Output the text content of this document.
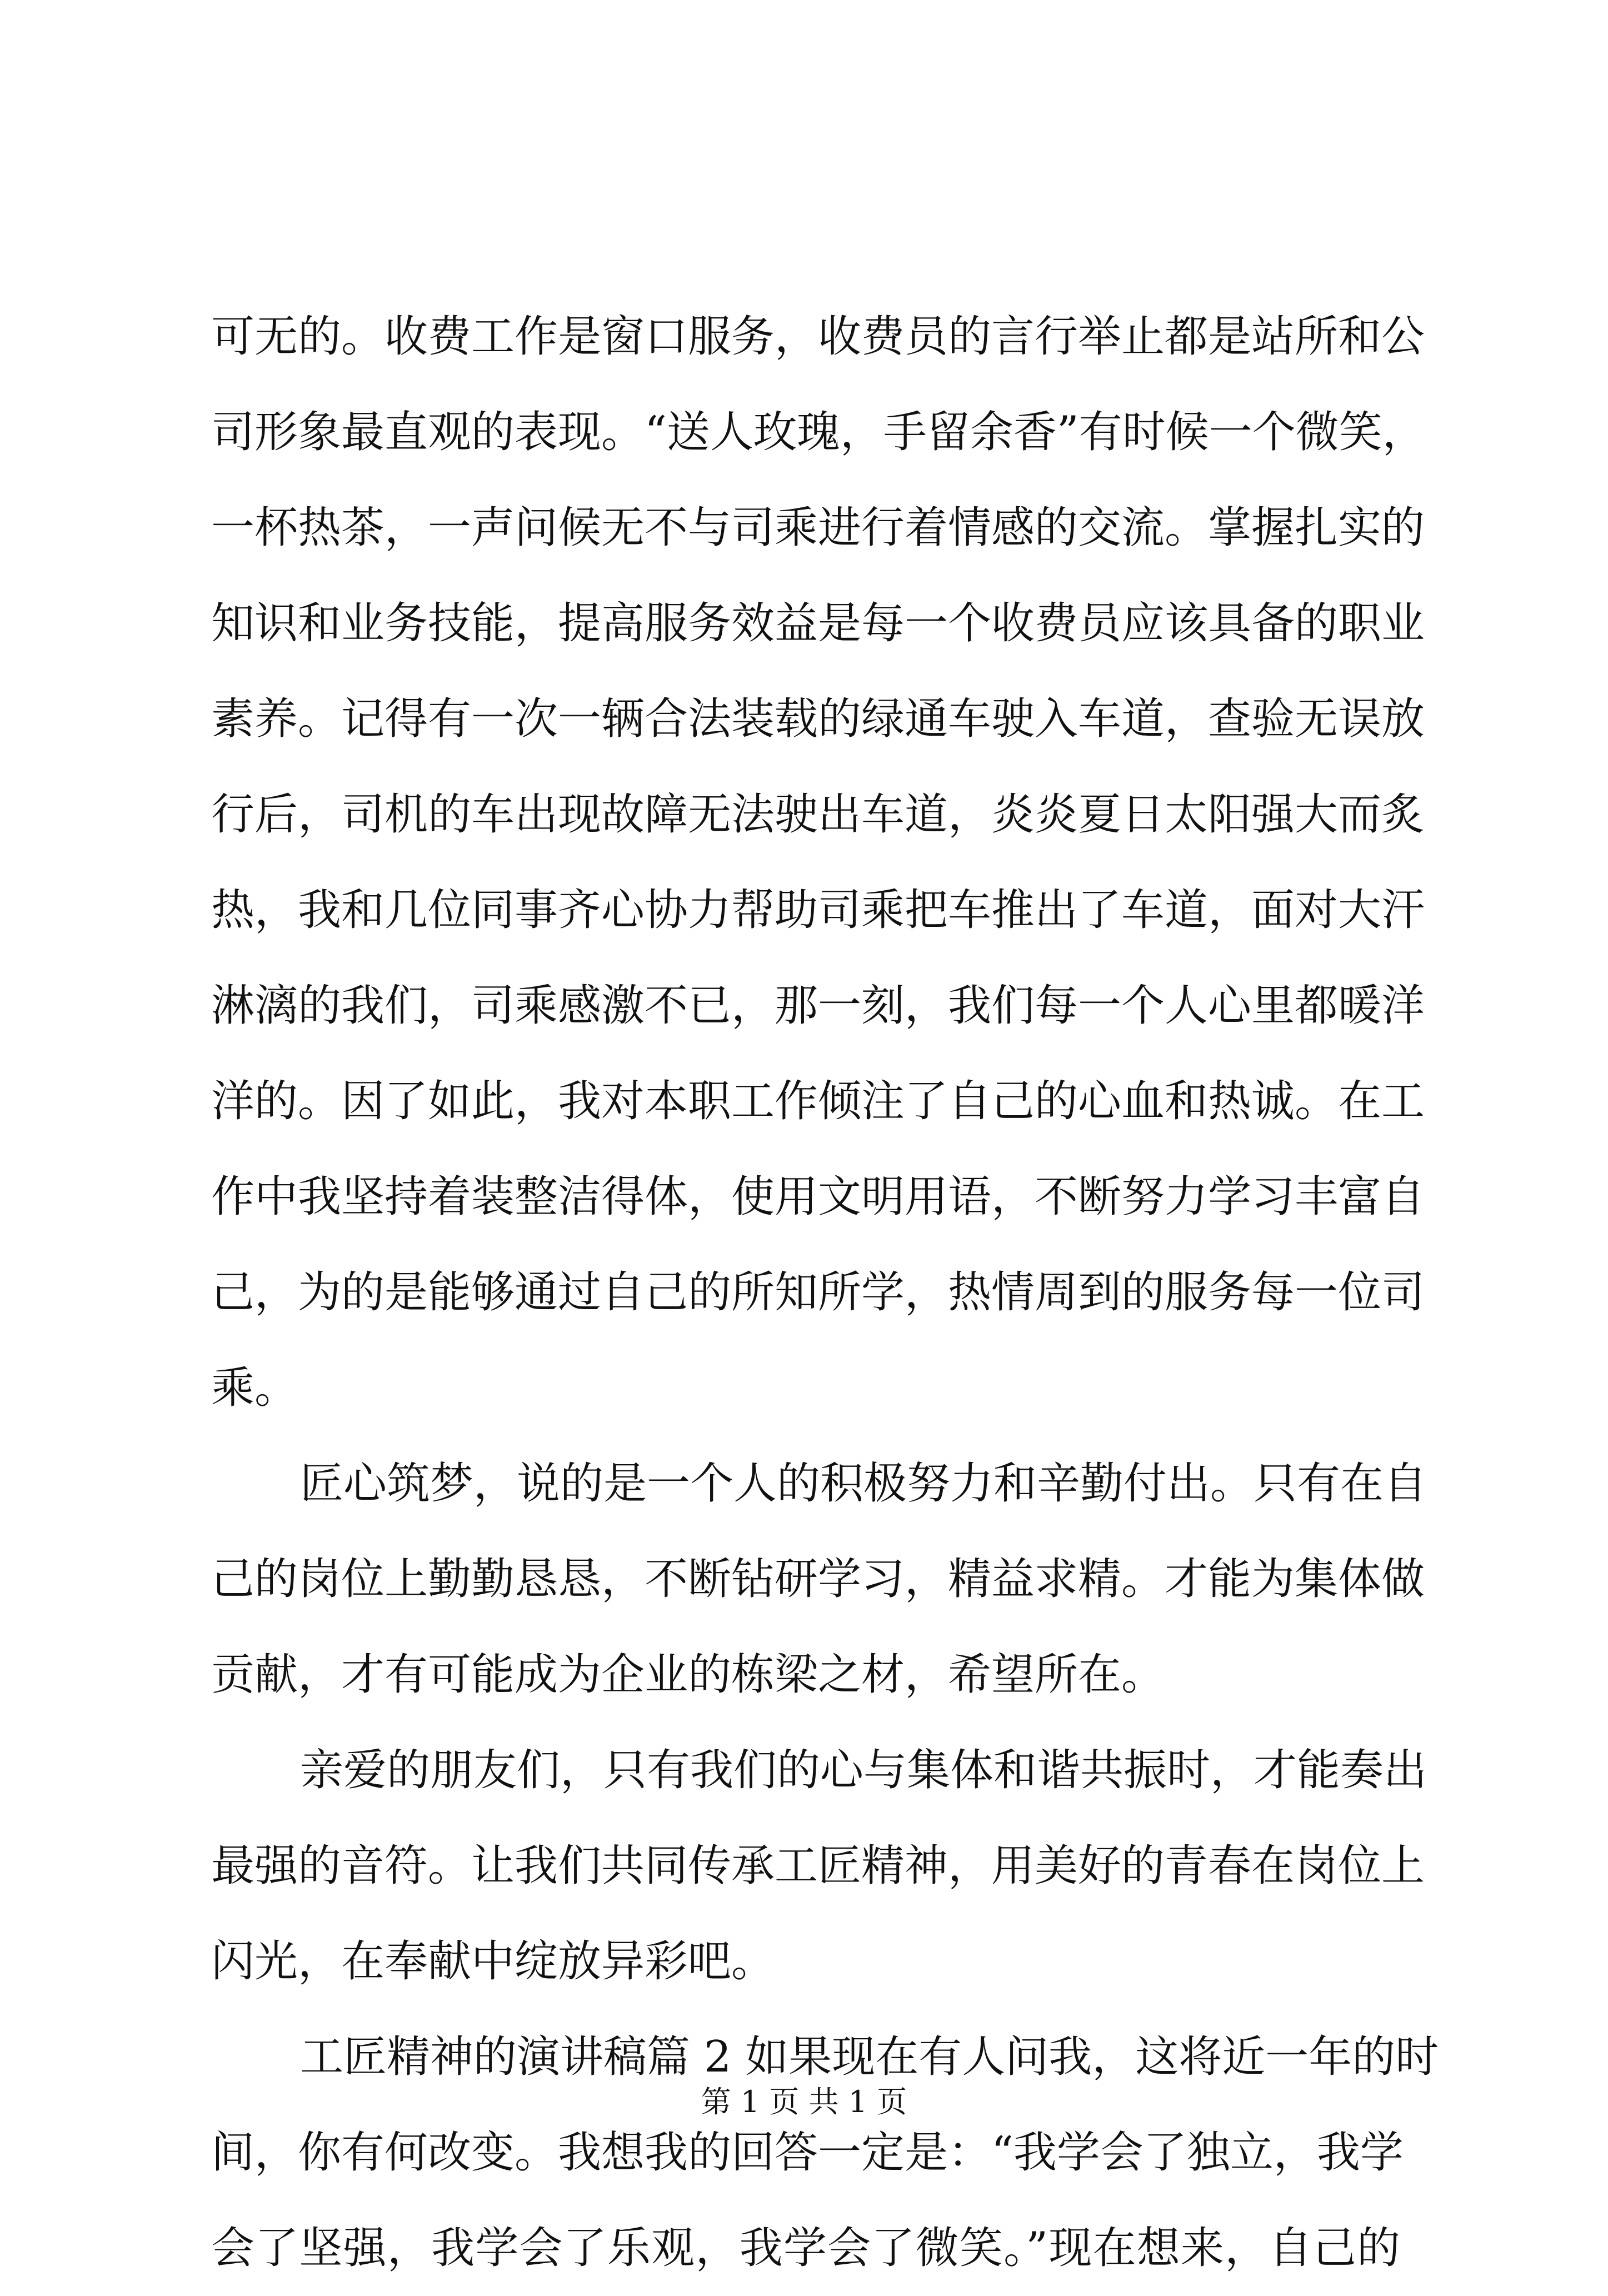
可无的。收费工作是窗口服务，收费员的言行举止都是站所和公
司形象最直观的表现。“送人玫瑰，手留余香”有时候一个微笑，
一杯热茶，一声问候无不与司乘进行着情感的交流。掌握扎实的
知识和业务技能，提高服务效益是每一个收费员应该具备的职业
素养。记得有一次一辆合法装载的绿通车驶入车道，查验无误放
行后，司机的车出现故障无法驶出车道，炎炎夏日太阳强大而炙
热，我和几位同事齐心协力帮助司乘把车推出了车道，面对大汗
淋漓的我们，司乘感激不已，那一刻，我们每一个人心里都暖洋
洋的。因了如此，我对本职工作倾注了自己的心血和热诚。在工
作中我坚持着装整洁得体，使用文明用语，不断努力学习丰富自
己，为的是能够通过自己的所知所学，热情周到的服务每一位司
乘。
匠心筑梦，说的是一个人的积极努力和辛勤付出。只有在自
己的岗位上勤勤恳恳，不断钻研学习，精益求精。才能为集体做
贡献，才有可能成为企业的栋梁之材，希望所在。
亲爱的朋友们，只有我们的心与集体和谐共振时，才能奏出
最强的音符。让我们共同传承工匠精神，用美好的青春在岗位上
闪光，在奉献中绽放异彩吧。
工匠精神的演讲稿篇 2 如果现在有人问我，这将近一年的时
间，你有何改变。我想我的回答一定是：“我学会了独立，我学
会了坚强，我学会了乐观，我学会了微笑。”现在想来，自己的
第 1 页 共 1 页
